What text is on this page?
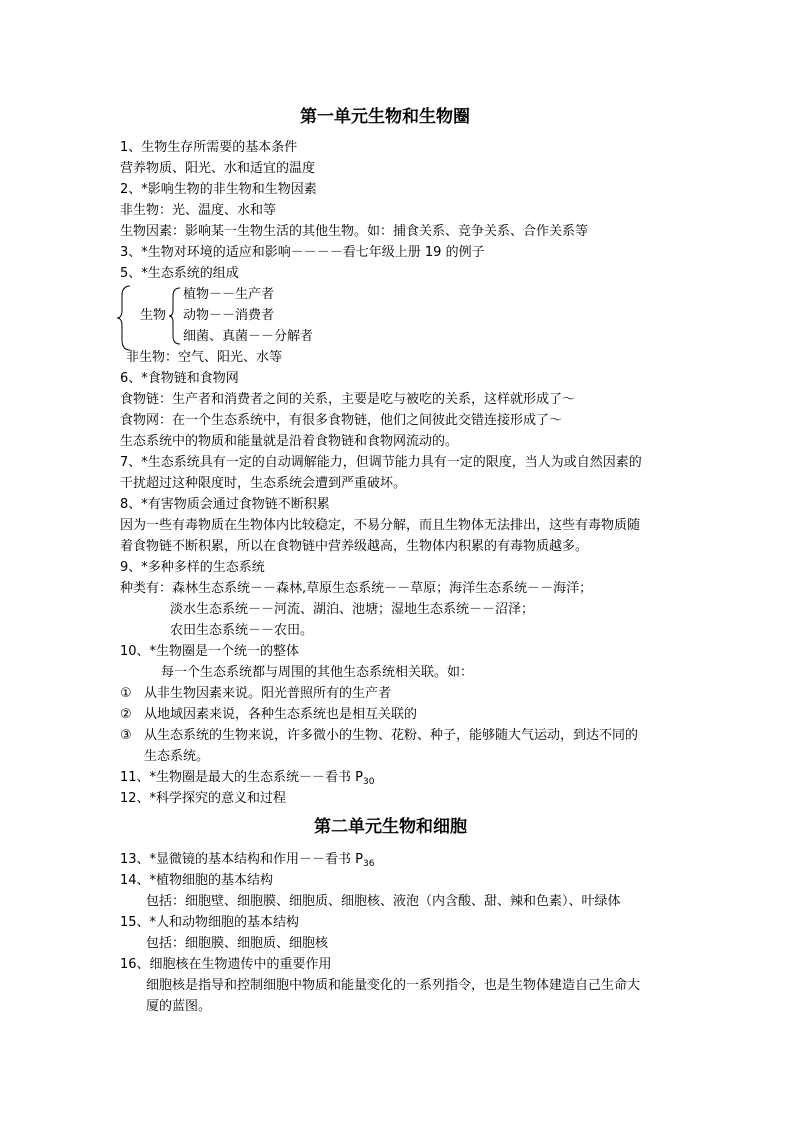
第一单元生物和生物圈
1、生物生存所需要的基本条件
营养物质、阳光、水和适宜的温度
2、*影响生物的非生物和生物因素
非生物：光、温度、水和等
生物因素：影响某一生物生活的其他生物。如：捕食关系、竞争关系、合作关系等
3、*生物对环境的适应和影响－－－－看七年级上册 19 的例子
5、*生态系统的组成
生物
植物－－生产者
动物－－消费者
细菌、真菌－－分解者
非生物：空气、阳光、水等
6、*食物链和食物网
食物链：生产者和消费者之间的关系，主要是吃与被吃的关系，这样就形成了～
食物网：在一个生态系统中，有很多食物链，他们之间彼此交错连接形成了～
生态系统中的物质和能量就是沿着食物链和食物网流动的。
7、*生态系统具有一定的自动调解能力，但调节能力具有一定的限度，当人为或自然因素的
干扰超过这种限度时，生态系统会遭到严重破坏。
8、*有害物质会通过食物链不断积累
因为一些有毒物质在生物体内比较稳定，不易分解，而且生物体无法排出，这些有毒物质随
着食物链不断积累，所以在食物链中营养级越高，生物体内积累的有毒物质越多。
9、*多种多样的生态系统
种类有：森林生态系统－－森林,草原生态系统－－草原；海洋生态系统－－海洋；
淡水生态系统－－河流、湖泊、池塘；湿地生态系统－－沼泽；
农田生态系统－－农田。
10、*生物圈是一个统一的整体
每一个生态系统都与周围的其他生态系统相关联。如：
① 从非生物因素来说。阳光普照所有的生产者
② 从地域因素来说，各种生态系统也是相互关联的
③ 从生态系统的生物来说，许多微小的生物、花粉、种子，能够随大气运动，到达不同的
生态系统。
11、*生物圈是最大的生态系统－－看书 $P_{30}$
12、*科学探究的意义和过程
第二单元生物和细胞
13、*显微镜的基本结构和作用－－看书 $P_{36}$
14、*植物细胞的基本结构
包括：细胞壁、细胞膜、细胞质、细胞核、液泡（内含酸、甜、辣和色素）、叶绿体
15、*人和动物细胞的基本结构
包括：细胞膜、细胞质、细胞核
16、细胞核在生物遗传中的重要作用
细胞核是指导和控制细胞中物质和能量变化的一系列指令，也是生物体建造自己生命大
厦的蓝图。
